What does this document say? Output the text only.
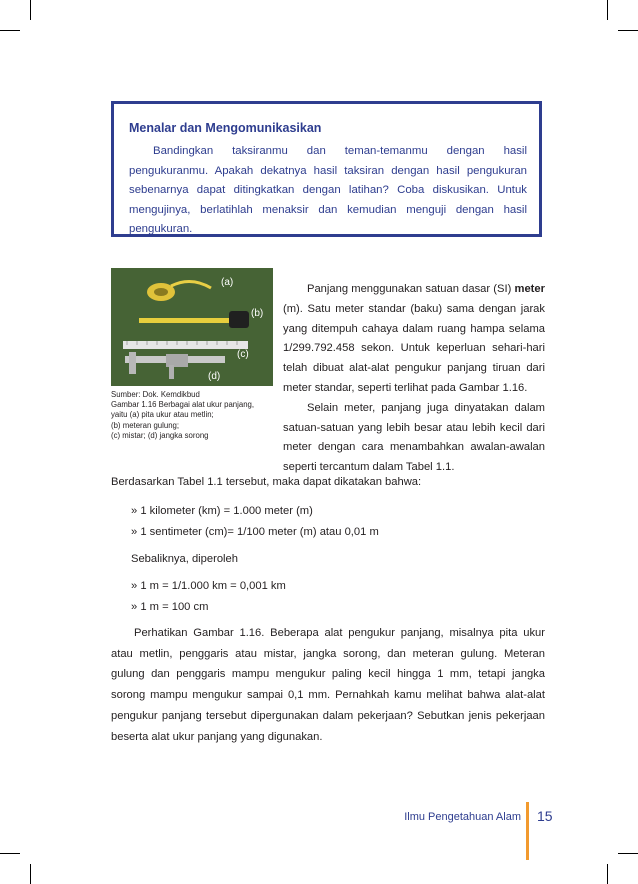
Menalar dan Mengomunikasikan

Bandingkan taksiranmu dan teman-temanmu dengan hasil pengukuranmu. Apakah dekatnya hasil taksiran dengan hasil pengukuran sebenarnya dapat ditingkatkan dengan latihan? Coba diskusikan. Untuk mengujinya, berlatihlah menaksir dan kemudian menguji dengan hasil pengukuran.

(a)
(b)
(c)
(d)
Sumber: Dok. Kemdikbud
Gambar 1.16 Berbagai alat ukur panjang,
yaitu (a) pita ukur atau metlin;
(b) meteran gulung;
(c) mistar; (d) jangka sorong

Panjang menggunakan satuan dasar (SI) meter (m). Satu meter standar (baku) sama dengan jarak yang ditempuh cahaya dalam ruang hampa selama 1/299.792.458 sekon. Untuk keperluan sehari-hari telah dibuat alat-alat pengukur panjang tiruan dari meter standar, seperti terlihat pada Gambar 1.16.

Selain meter, panjang juga dinyatakan dalam satuan-satuan yang lebih besar atau lebih kecil dari meter dengan cara menambahkan awalan-awalan seperti tercantum dalam Tabel 1.1.

Berdasarkan Tabel 1.1 tersebut, maka dapat dikatakan bahwa:
» 1 kilometer (km) = 1.000 meter (m)
» 1 sentimeter (cm)= 1/100 meter (m) atau 0,01 m
Sebaliknya, diperoleh
» 1 m = 1/1.000 km = 0,001 km
» 1 m = 100 cm

Perhatikan Gambar 1.16. Beberapa alat pengukur panjang, misalnya pita ukur atau metlin, penggaris atau mistar, jangka sorong, dan meteran gulung. Meteran gulung dan penggaris mampu mengukur paling kecil hingga 1 mm, tetapi jangka sorong mampu mengukur sampai 0,1 mm. Pernahkah kamu melihat bahwa alat-alat pengukur panjang tersebut dipergunakan dalam pekerjaan? Sebutkan jenis pekerjaan beserta alat ukur panjang yang digunakan.

Ilmu Pengetahuan Alam 15
